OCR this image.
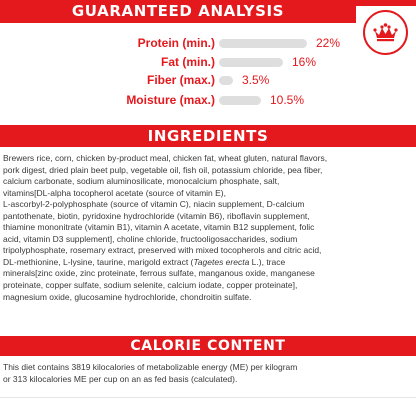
GUARANTEED ANALYSIS
Protein (min.)	22%
Fat (min.)	16%
Fiber (max.) 3.5%
Moisture (max.)	10.5%
INGREDIENTS
Brewers rice, corn, chicken by-product meal, chicken fat, wheat gluten, natural flavors,
pork digest, dried plain beet pulp, vegetable oil, fish oil, potassium chloride, pea fiber,
calcium carbonate, sodium aluminosilicate, monocalcium phosphate, salt,
vitamins[DL-alpha tocopherol acetate (source of vitamin E),
L-ascorbyl-2-polyphosphate (source of vitamin C), niacin supplement, D-calcium
pantothenate, biotin, pyridoxine hydrochloride (vitamin B6), riboflavin supplement,
thiamine mononitrate (vitamin B1), vitamin A acetate, vitamin B12 supplement, folic
acid, vitamin D3 supplement], choline chloride, fructooligosaccharides, sodium
tripolyphosphate, rosemary extract, preserved with mixed tocopherols and citric acid,
DL-methionine, L-lysine, taurine, marigold extract (Tagetes erecta L.), trace
minerals[zinc oxide, zinc proteinate, ferrous sulfate, manganous oxide, manganese
proteinate, copper sulfate, sodium selenite, calcium iodate, copper proteinate],
magnesium oxide, glucosamine hydrochloride, chondroitin sulfate.
CALORIE CONTENT
This diet contains 3819 kilocalories of metabolizable energy (ME) per kilogram
or 313 kilocalories ME per cup on an as fed basis (calculated).
